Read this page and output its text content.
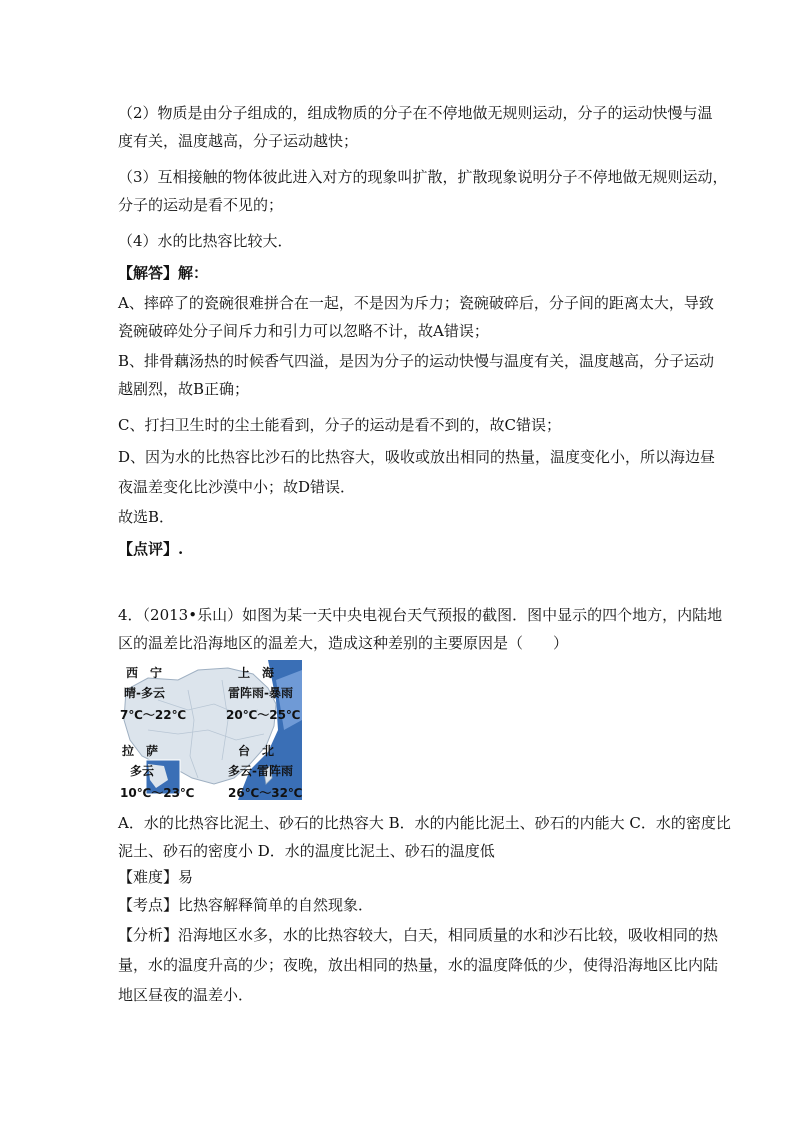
（2）物质是由分子组成的，组成物质的分子在不停地做无规则运动，分子的运动快慢与温

度有关，温度越高，分子运动越快；

（3）互相接触的物体彼此进入对方的现象叫扩散，扩散现象说明分子不停地做无规则运动，

分子的运动是看不见的；

（4）水的比热容比较大．

【解答】解：

A、摔碎了的瓷碗很难拼合在一起，不是因为斥力；瓷碗破碎后，分子间的距离太大，导致

瓷碗破碎处分子间斥力和引力可以忽略不计，故A错误；

B、排骨藕汤热的时候香气四溢，是因为分子的运动快慢与温度有关，温度越高，分子运动

越剧烈，故B正确；

C、打扫卫生时的尘土能看到，分子的运动是看不到的，故C错误；

D、因为水的比热容比沙石的比热容大，吸收或放出相同的热量，温度变化小，所以海边昼

夜温差变化比沙漠中小；故D错误．

故选B．

【点评】.

4．（2013•乐山）如图为某一天中央电视台天气预报的截图．图中显示的四个地方，内陆地

区的温差比沿海地区的温差大，造成这种差别的主要原因是（　　）

西　宁
晴-多云
7℃～22℃
上　海
雷阵雨-暴雨
20℃～25℃
拉　萨
多云
10℃～23℃
台　北
多云-雷阵雨
26℃～32℃

A．水的比热容比泥土、砂石的比热容大 B．水的内能比泥土、砂石的内能大 C．水的密度比

泥土、砂石的密度小 D．水的温度比泥土、砂石的温度低

【难度】易

【考点】比热容解释简单的自然现象．

【分析】沿海地区水多，水的比热容较大，白天，相同质量的水和沙石比较，吸收相同的热

量，水的温度升高的少；夜晚，放出相同的热量，水的温度降低的少，使得沿海地区比内陆

地区昼夜的温差小．
